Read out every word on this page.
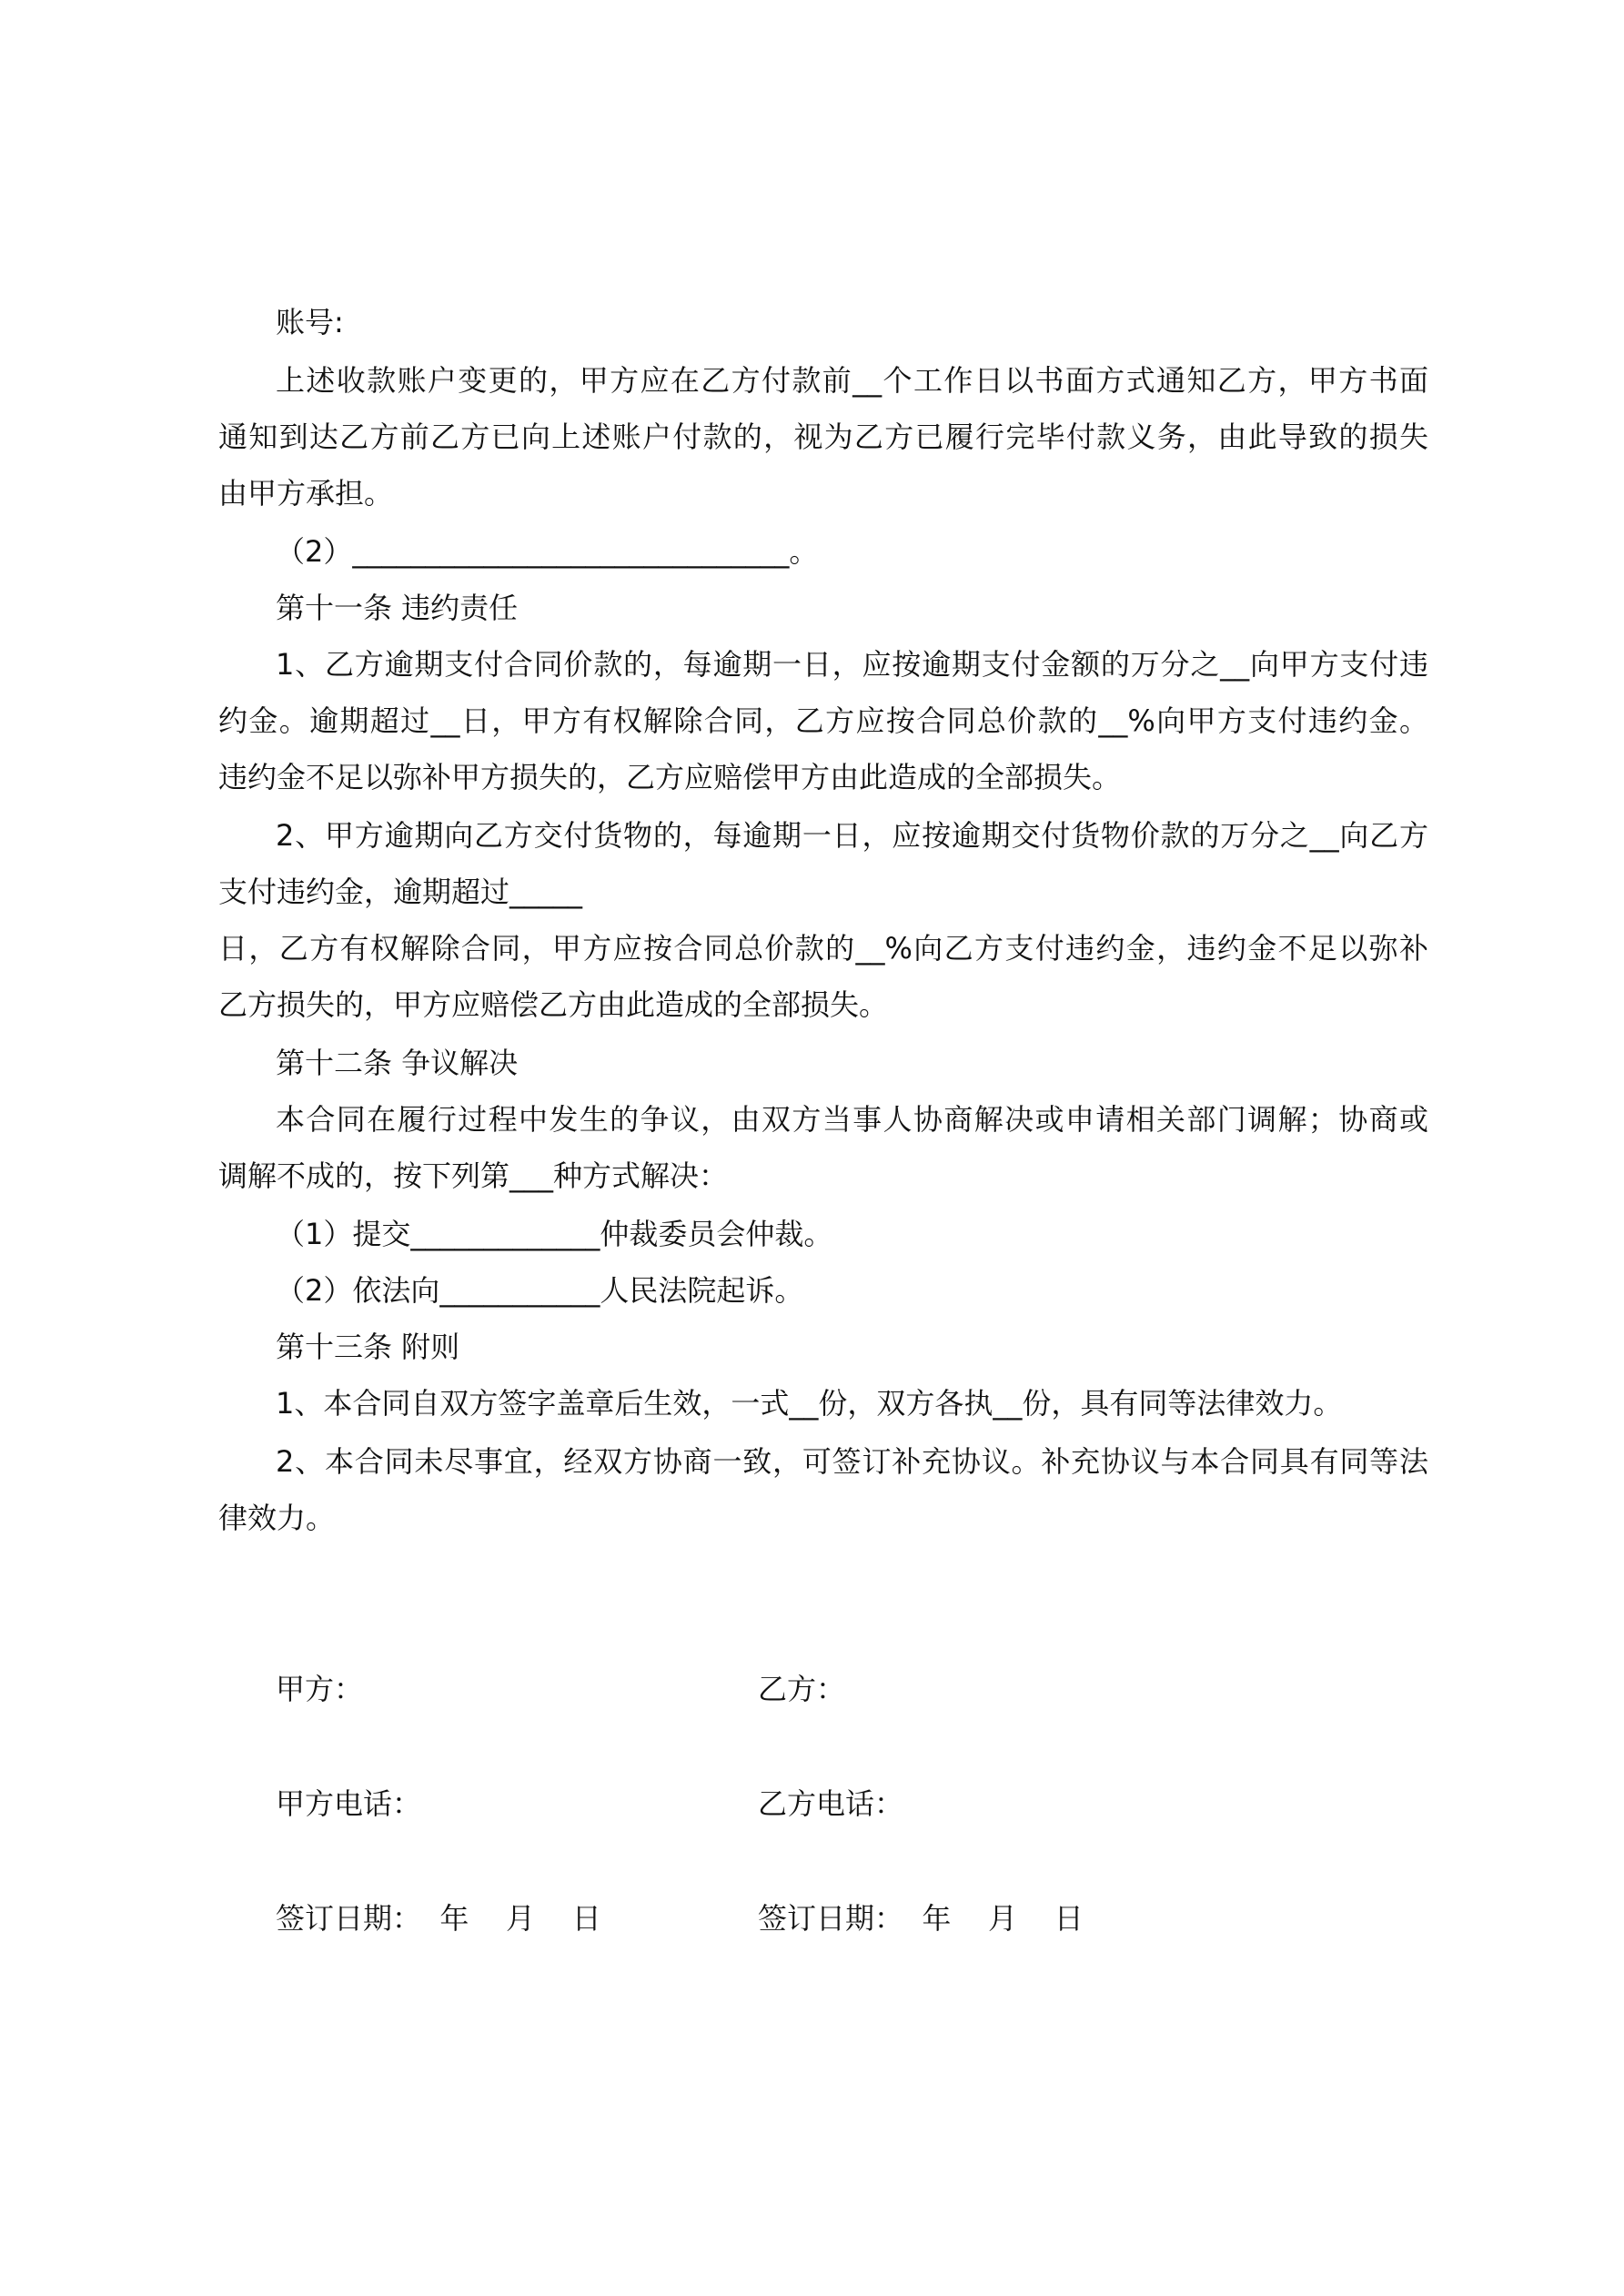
账号:
上述收款账户变更的，甲方应在乙方付款前__个工作日以书面方式通知乙方，甲方书面
通知到达乙方前乙方已向上述账户付款的，视为乙方已履行完毕付款义务，由此导致的损失
由甲方承担。
（2）______________________________。
第十一条 违约责任
1、乙方逾期支付合同价款的，每逾期一日，应按逾期支付金额的万分之__向甲方支付违
约金。逾期超过__日，甲方有权解除合同，乙方应按合同总价款的__%向甲方支付违约金。
违约金不足以弥补甲方损失的，乙方应赔偿甲方由此造成的全部损失。
2、甲方逾期向乙方交付货物的，每逾期一日，应按逾期交付货物价款的万分之__向乙方
支付违约金，逾期超过_____
日，乙方有权解除合同，甲方应按合同总价款的__%向乙方支付违约金，违约金不足以弥补
乙方损失的，甲方应赔偿乙方由此造成的全部损失。
第十二条 争议解决
本合同在履行过程中发生的争议，由双方当事人协商解决或申请相关部门调解；协商或
调解不成的，按下列第___种方式解决：
（1）提交_____________仲裁委员会仲裁。
（2）依法向___________人民法院起诉。
第十三条 附则
1、本合同自双方签字盖章后生效，一式__份，双方各执__份，具有同等法律效力。
2、本合同未尽事宜，经双方协商一致，可签订补充协议。补充协议与本合同具有同等法
律效力。
甲方：	乙方：
甲方电话：	乙方电话：
签订日期：  年    月    日	签订日期：  年    月    日
